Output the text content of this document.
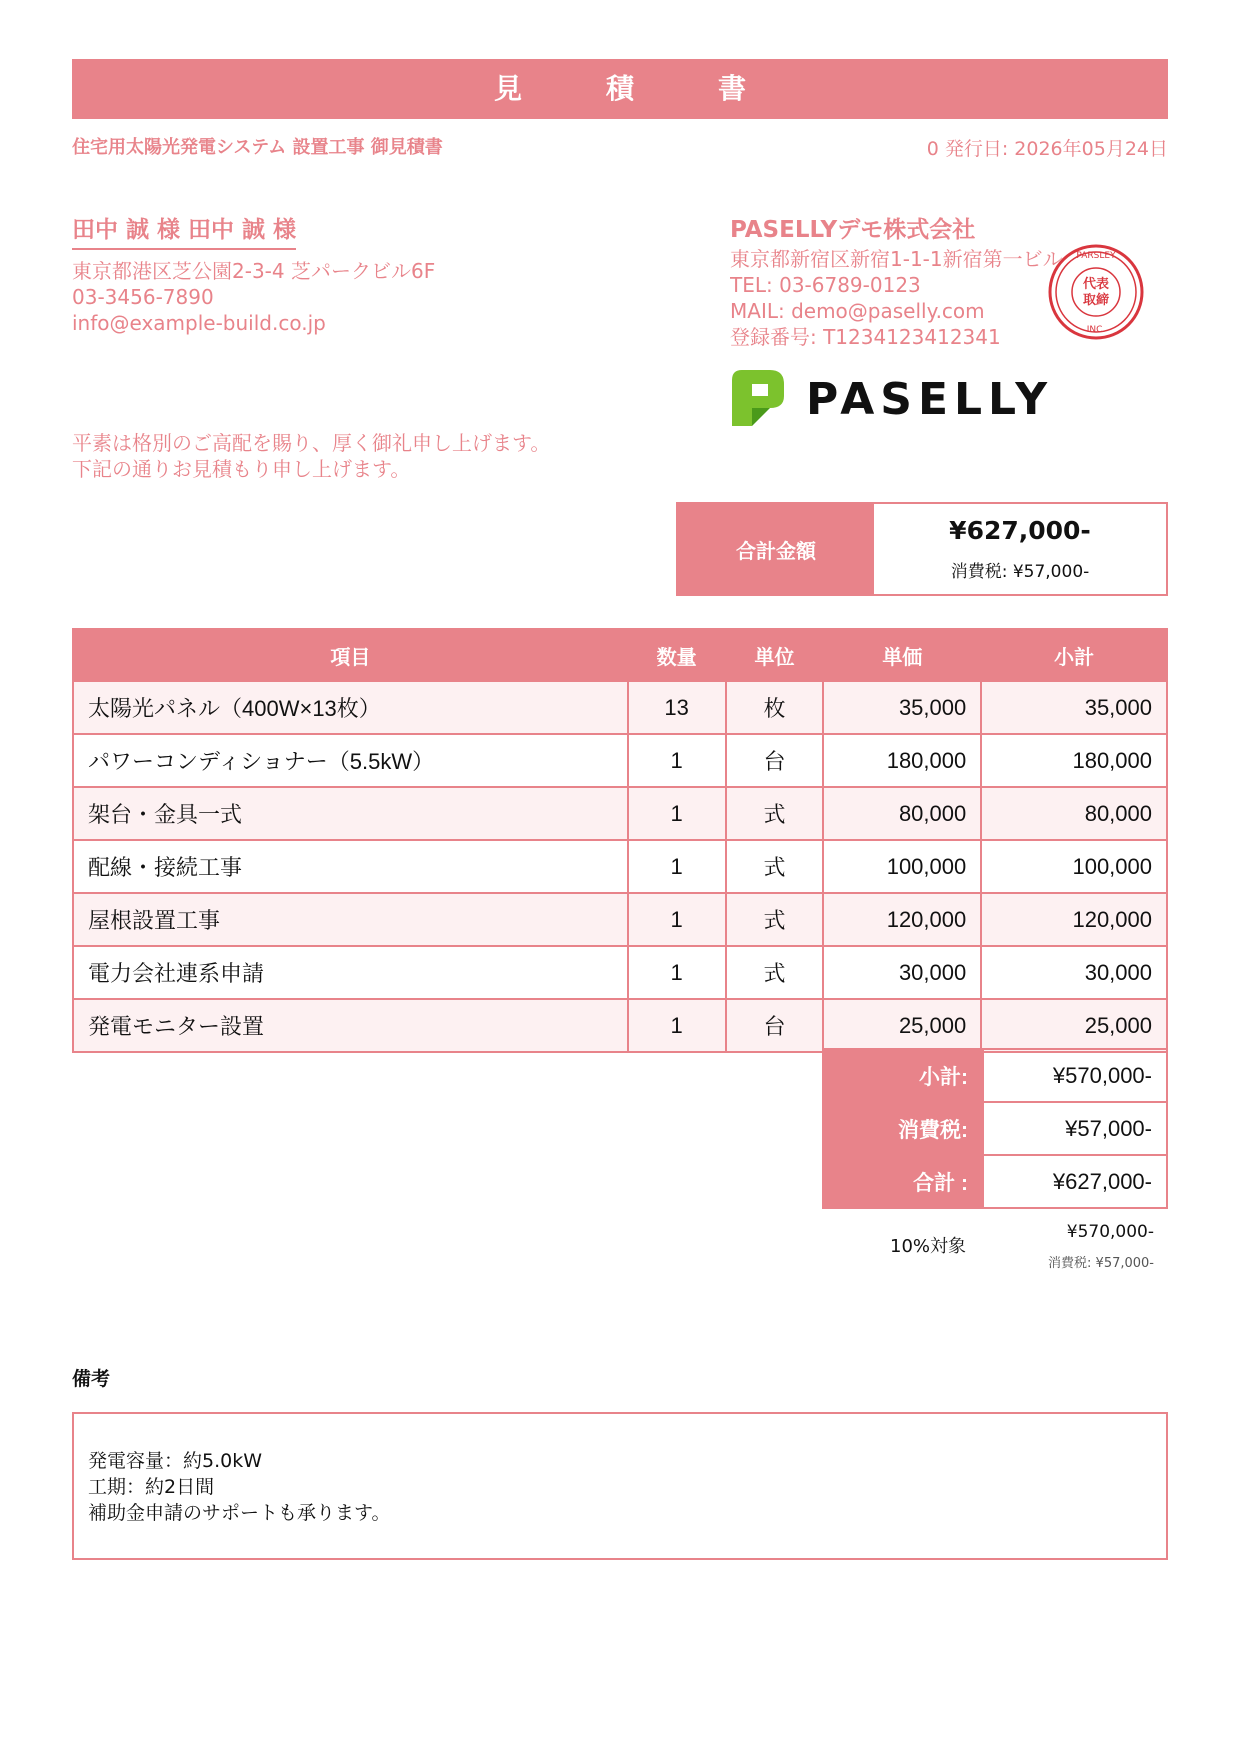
見　積　書
住宅用太陽光発電システム 設置工事 御見積書	0 発行日: 2026年05月24日
田中 誠 様 田中 誠 様
東京都港区芝公園2-3-4 芝パークビル6F
03-3456-7890
info@example-build.co.jp
PASELLYデモ株式会社
東京都新宿区新宿1-1-1新宿第一ビル
TEL: 03-6789-0123
MAIL: demo@paselly.com
登録番号: T1234123412341
代表
取締
PARSLEY
INC.
PASELLY
平素は格別のご高配を賜り、厚く御礼申し上げます。
下記の通りお見積もり申し上げます。
合計金額
¥627,000-
消費税: ¥57,000-
項目	数量	単位	単価	小計
太陽光パネル（400W×13枚）	13	枚	35,000	35,000
パワーコンディショナー（5.5kW）	1	台	180,000	180,000
架台・金具一式	1	式	80,000	80,000
配線・接続工事	1	式	100,000	100,000
屋根設置工事	1	式	120,000	120,000
電力会社連系申請	1	式	30,000	30,000
発電モニター設置	1	台	25,000	25,000
小計:	¥570,000-
消費税:	¥57,000-
合計 :	¥627,000-
10%対象
¥570,000-
消費税: ¥57,000-
備考
発電容量：約5.0kW
工期：約2日間
補助金申請のサポートも承ります。
